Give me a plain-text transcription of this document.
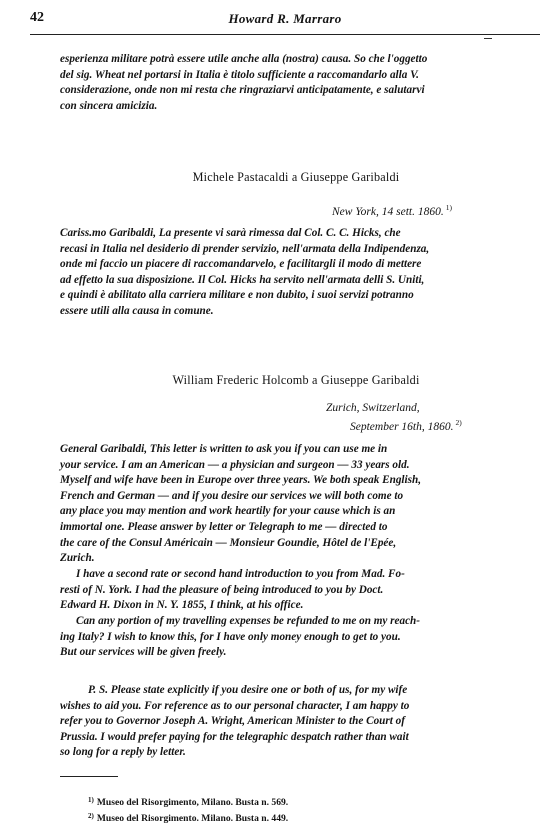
42	Howard R. Marraro

esperienza militare potrà essere utile anche alla (nostra) causa. So che l'oggetto

del sig. Wheat nel portarsi in Italia è titolo sufficiente a raccomandarlo alla V.

considerazione, onde non mi resta che ringraziarvi anticipatamente, e salutarvi

con sincera amicizia.

Michele Pastacaldi a Giuseppe Garibaldi
New York, 14 sett. 1860. $^{1)}$

Cariss.mo Garibaldi, La presente vi sarà rimessa dal Col. C. C. Hicks, che

recasi in Italia nel desiderio di prender servizio, nell'armata della Indipendenza,

onde mi faccio un piacere di raccomandarvelo, e facilitargli il modo di mettere

ad effetto la sua disposizione. Il Col. Hicks ha servito nell'armata delli S. Uniti,

e quindi è abilitato alla carriera militare e non dubito, i suoi servizi potranno

essere utili alla causa in comune.

William Frederic Holcomb a Giuseppe Garibaldi
Zurich, Switzerland,
September 16th, 1860. $^{2)}$

General Garibaldi, This letter is written to ask you if you can use me in

your service. I am an American — a physician and surgeon — 33 years old.

Myself and wife have been in Europe over three years. We both speak English,

French and German — and if you desire our services we will both come to

any place you may mention and work heartily for your cause which is an

immortal one. Please answer by letter or Telegraph to me — directed to

the care of the Consul Américain — Monsieur Goundie, Hôtel de l'Epée,

Zurich.

I have a second rate or second hand introduction to you from Mad. Fo-

resti of N. York. I had the pleasure of being introduced to you by Doct.

Edward H. Dixon in N. Y. 1855, I think, at his office.

Can any portion of my travelling expenses be refunded to me on my reach-

ing Italy? I wish to know this, for I have only money enough to get to you.

But our services will be given freely.

P. S. Please state explicitly if you desire one or both of us, for my wife

wishes to aid you. For reference as to our personal character, I am happy to

refer you to Governor Joseph A. Wright, American Minister to the Court of

Prussia. I would prefer paying for the telegraphic despatch rather than wait

so long for a reply by letter.

$^{1)}$ Museo del Risorgimento, Milano. Busta n. 569.
$^{2)}$ Museo del Risorgimento. Milano. Busta n. 449.
